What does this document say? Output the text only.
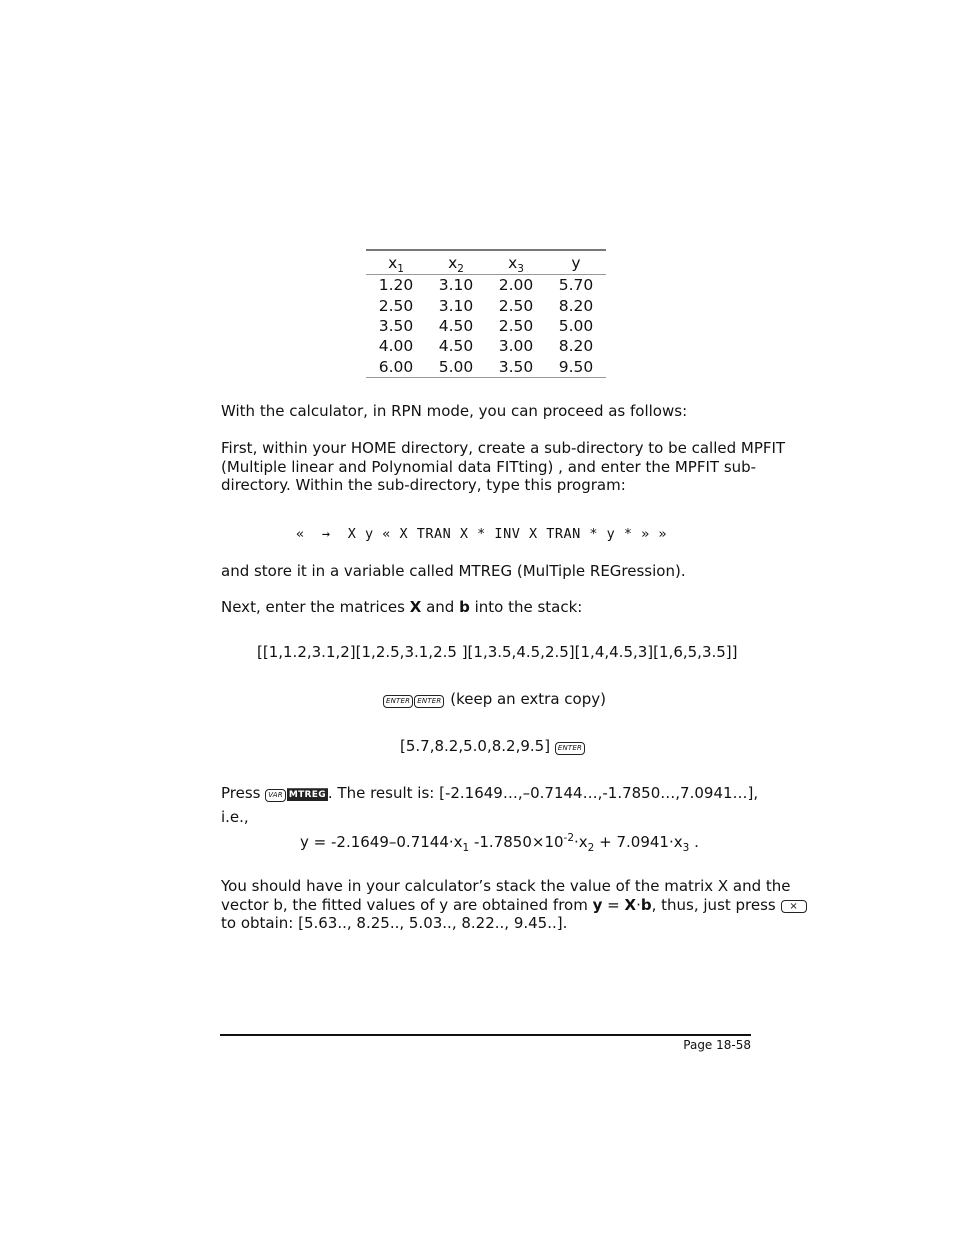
$x_1$	$x_2$	$x_3$	y
1.20	3.10	2.00	5.70
2.50	3.10	2.50	8.20
3.50	4.50	2.50	5.00
4.00	4.50	3.00	8.20
6.00	5.00	3.50	9.50
With the calculator, in RPN mode, you can proceed as follows:
First, within your HOME directory, create a sub-directory to be called MPFIT
(Multiple linear and Polynomial data FITting) , and enter the MPFIT sub-
directory. Within the sub-directory, type this program:
«  →  X y « X TRAN X * INV X TRAN * y * » »
and store it in a variable called MTREG (MulTiple REGression).
Next, enter the matrices X and b into the stack:
[[1,1.2,3.1,2][1,2.5,3.1,2.5 ][1,3.5,4.5,2.5][1,4,4.5,3][1,6,5,3.5]]
ENTER ENTER (keep an extra copy)
[5.7,8.2,5.0,8.2,9.5] ENTER
Press VAR MTREG . The result is: [-2.1649…,–0.7144…,-1.7850…,7.0941…],
i.e.,
$y = -2.1649-0.7144\cdot x_1$ $-1.7850\times 10^{-2}\cdot x_2 + 7.0941\cdot x_3$ .
You should have in your calculator’s stack the value of the matrix X and the
vector b, the fitted values of y are obtained from y = X·b, thus, just press ×
to obtain: [5.63.., 8.25.., 5.03.., 8.22.., 9.45..].
Page 18-58
